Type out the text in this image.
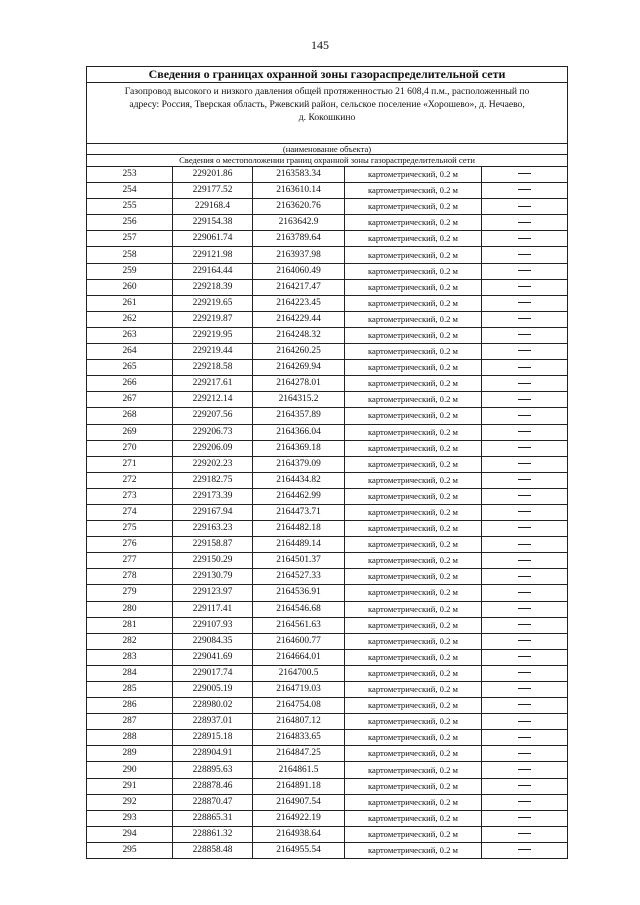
145
Сведения о границах охранной зоны газораспределительной сети				

Газопровод высокого и низкого давления общей протяженностью 21 608,4 п.м., расположенный по
адресу: Россия, Тверская область, Ржевский район, сельское поселение «Хорошево», д. Нечаево,
д. Кокошкино				

(наименование объекта)				
Сведения о местоположении границ охранной зоны газораспределительной сети				
253	229201.86	2163583.34	картометрический, 0.2 м	
254	229177.52	2163610.14	картометрический, 0.2 м	
255	229168.4	2163620.76	картометрический, 0.2 м	
256	229154.38	2163642.9	картометрический, 0.2 м	
257	229061.74	2163789.64	картометрический, 0.2 м	
258	229121.98	2163937.98	картометрический, 0.2 м	
259	229164.44	2164060.49	картометрический, 0.2 м	
260	229218.39	2164217.47	картометрический, 0.2 м	
261	229219.65	2164223.45	картометрический, 0.2 м	
262	229219.87	2164229.44	картометрический, 0.2 м	
263	229219.95	2164248.32	картометрический, 0.2 м	
264	229219.44	2164260.25	картометрический, 0.2 м	
265	229218.58	2164269.94	картометрический, 0.2 м	
266	229217.61	2164278.01	картометрический, 0.2 м	
267	229212.14	2164315.2	картометрический, 0.2 м	
268	229207.56	2164357.89	картометрический, 0.2 м	
269	229206.73	2164366.04	картометрический, 0.2 м	
270	229206.09	2164369.18	картометрический, 0.2 м	
271	229202.23	2164379.09	картометрический, 0.2 м	
272	229182.75	2164434.82	картометрический, 0.2 м	
273	229173.39	2164462.99	картометрический, 0.2 м	
274	229167.94	2164473.71	картометрический, 0.2 м	
275	229163.23	2164482.18	картометрический, 0.2 м	
276	229158.87	2164489.14	картометрический, 0.2 м	
277	229150.29	2164501.37	картометрический, 0.2 м	
278	229130.79	2164527.33	картометрический, 0.2 м	
279	229123.97	2164536.91	картометрический, 0.2 м	
280	229117.41	2164546.68	картометрический, 0.2 м	
281	229107.93	2164561.63	картометрический, 0.2 м	
282	229084.35	2164600.77	картометрический, 0.2 м	
283	229041.69	2164664.01	картометрический, 0.2 м	
284	229017.74	2164700.5	картометрический, 0.2 м	
285	229005.19	2164719.03	картометрический, 0.2 м	
286	228980.02	2164754.08	картометрический, 0.2 м	
287	228937.01	2164807.12	картометрический, 0.2 м	
288	228915.18	2164833.65	картометрический, 0.2 м	
289	228904.91	2164847.25	картометрический, 0.2 м	
290	228895.63	2164861.5	картометрический, 0.2 м	
291	228878.46	2164891.18	картометрический, 0.2 м	
292	228870.47	2164907.54	картометрический, 0.2 м	
293	228865.31	2164922.19	картометрический, 0.2 м	
294	228861.32	2164938.64	картометрический, 0.2 м	
295	228858.48	2164955.54	картометрический, 0.2 м	
